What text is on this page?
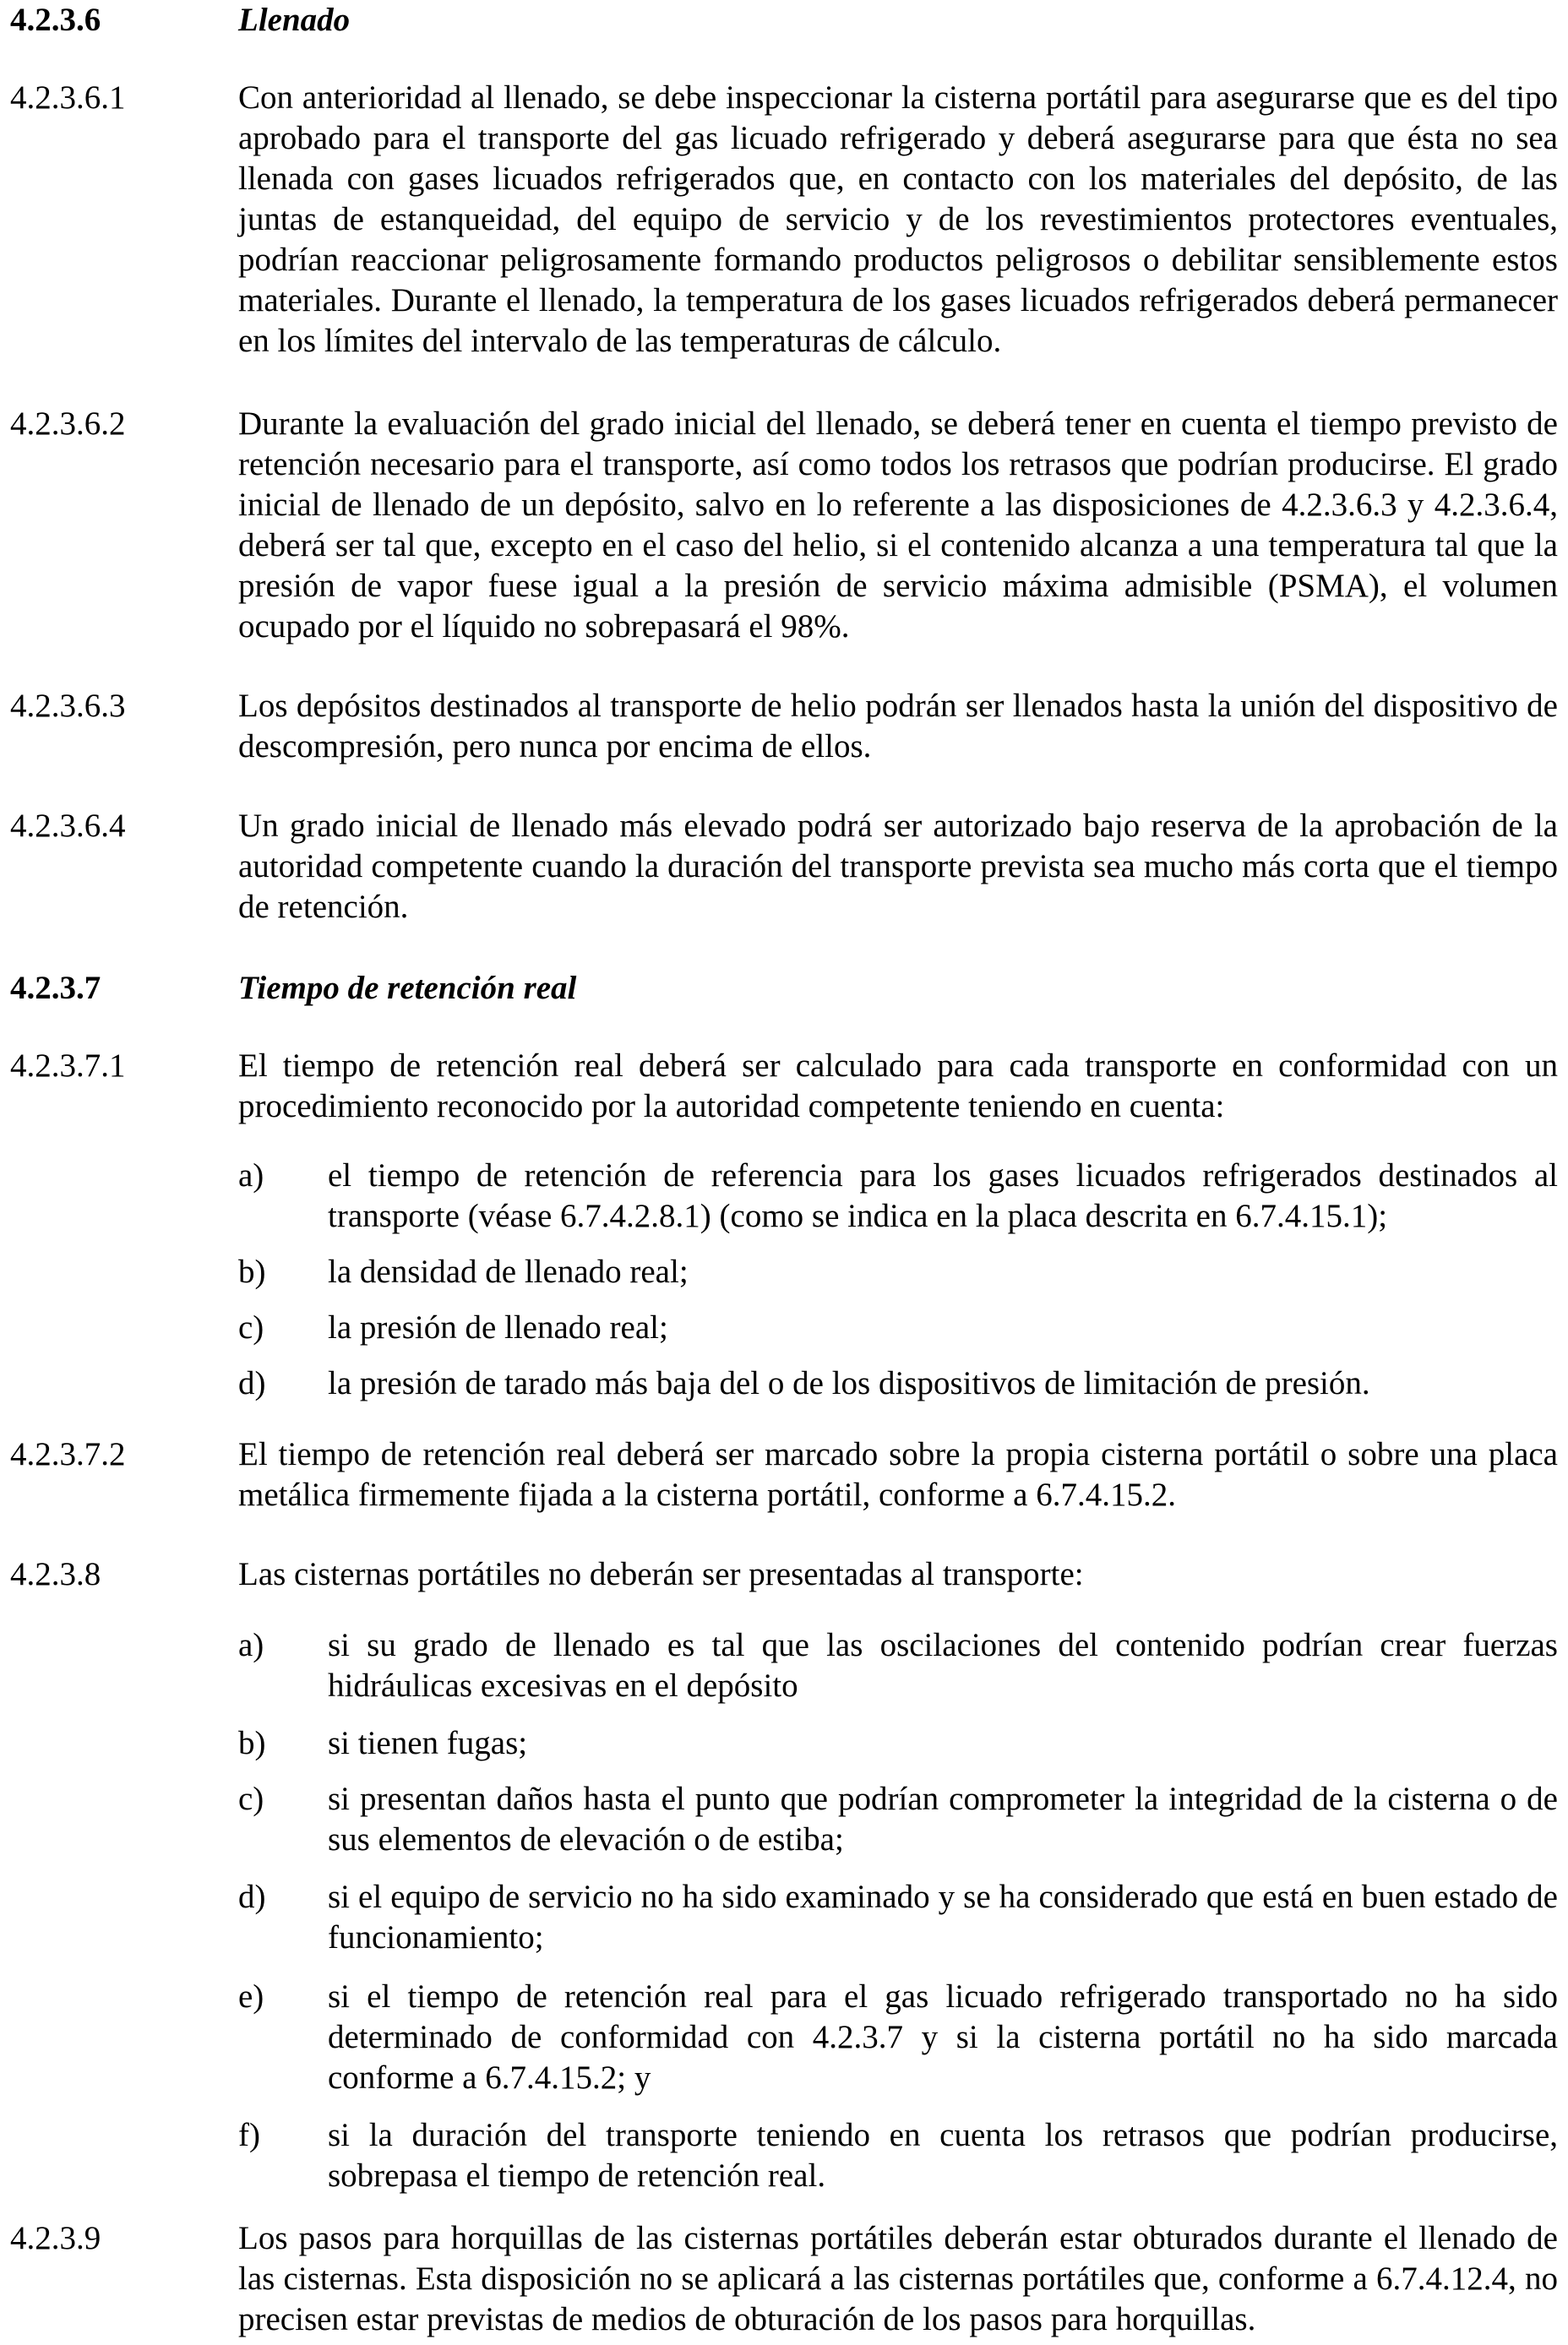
4.2.3.6	Llenado
4.2.3.6.1	Con anterioridad al llenado, se debe inspeccionar la cisterna portátil para asegurarse que es del tipo aprobado para el transporte del gas licuado refrigerado y deberá asegurarse para que ésta no sea llenada con gases licuados refrigerados que, en contacto con los materiales del depósito, de las juntas de estanqueidad, del equipo de servicio y de los revestimientos protectores eventuales, podrían reaccionar peligrosamente formando productos peligrosos o debilitar sensiblemente estos materiales. Durante el llenado, la temperatura de los gases licuados refrigerados deberá permanecer en los límites del intervalo de las temperaturas de cálculo.
4.2.3.6.2	Durante la evaluación del grado inicial del llenado, se deberá tener en cuenta el tiempo previsto de retención necesario para el transporte, así como todos los retrasos que podrían producirse. El grado inicial de llenado de un depósito, salvo en lo referente a las disposiciones de 4.2.3.6.3 y 4.2.3.6.4, deberá ser tal que, excepto en el caso del helio, si el contenido alcanza a una temperatura tal que la presión de vapor fuese igual a la presión de servicio máxima admisible (PSMA), el volumen ocupado por el líquido no sobrepasará el 98%.
4.2.3.6.3	Los depósitos destinados al transporte de helio podrán ser llenados hasta la unión del dispositivo de descompresión, pero nunca por encima de ellos.
4.2.3.6.4	Un grado inicial de llenado más elevado podrá ser autorizado bajo reserva de la aprobación de la autoridad competente cuando la duración del transporte prevista sea mucho más corta que el tiempo de retención.
4.2.3.7	Tiempo de retención real
4.2.3.7.1	El tiempo de retención real deberá ser calculado para cada transporte en conformidad con un procedimiento reconocido por la autoridad competente teniendo en cuenta:
a)	el tiempo de retención de referencia para los gases licuados refrigerados destinados al transporte (véase 6.7.4.2.8.1) (como se indica en la placa descrita en 6.7.4.15.1);
b)	la densidad de llenado real;
c)	la presión de llenado real;
d)	la presión de tarado más baja del o de los dispositivos de limitación de presión.
4.2.3.7.2	El tiempo de retención real deberá ser marcado sobre la propia cisterna portátil o sobre una placa metálica firmemente fijada a la cisterna portátil, conforme a 6.7.4.15.2.
4.2.3.8	Las cisternas portátiles no deberán ser presentadas al transporte:
a)	si su grado de llenado es tal que las oscilaciones del contenido podrían crear fuerzas hidráulicas excesivas en el depósito
b)	si tienen fugas;
c)	si presentan daños hasta el punto que podrían comprometer la integridad de la cisterna o de sus elementos de elevación o de estiba;
d)	si el equipo de servicio no ha sido examinado y se ha considerado que está en buen estado de funcionamiento;
e)	si el tiempo de retención real para el gas licuado refrigerado transportado no ha sido determinado de conformidad con 4.2.3.7 y si la cisterna portátil no ha sido marcada conforme a 6.7.4.15.2; y
f)	si la duración del transporte teniendo en cuenta los retrasos que podrían producirse, sobrepasa el tiempo de retención real.
4.2.3.9	Los pasos para horquillas de las cisternas portátiles deberán estar obturados durante el llenado de las cisternas. Esta disposición no se aplicará a las cisternas portátiles que, conforme a 6.7.4.12.4, no precisen estar previstas de medios de obturación de los pasos para horquillas.
